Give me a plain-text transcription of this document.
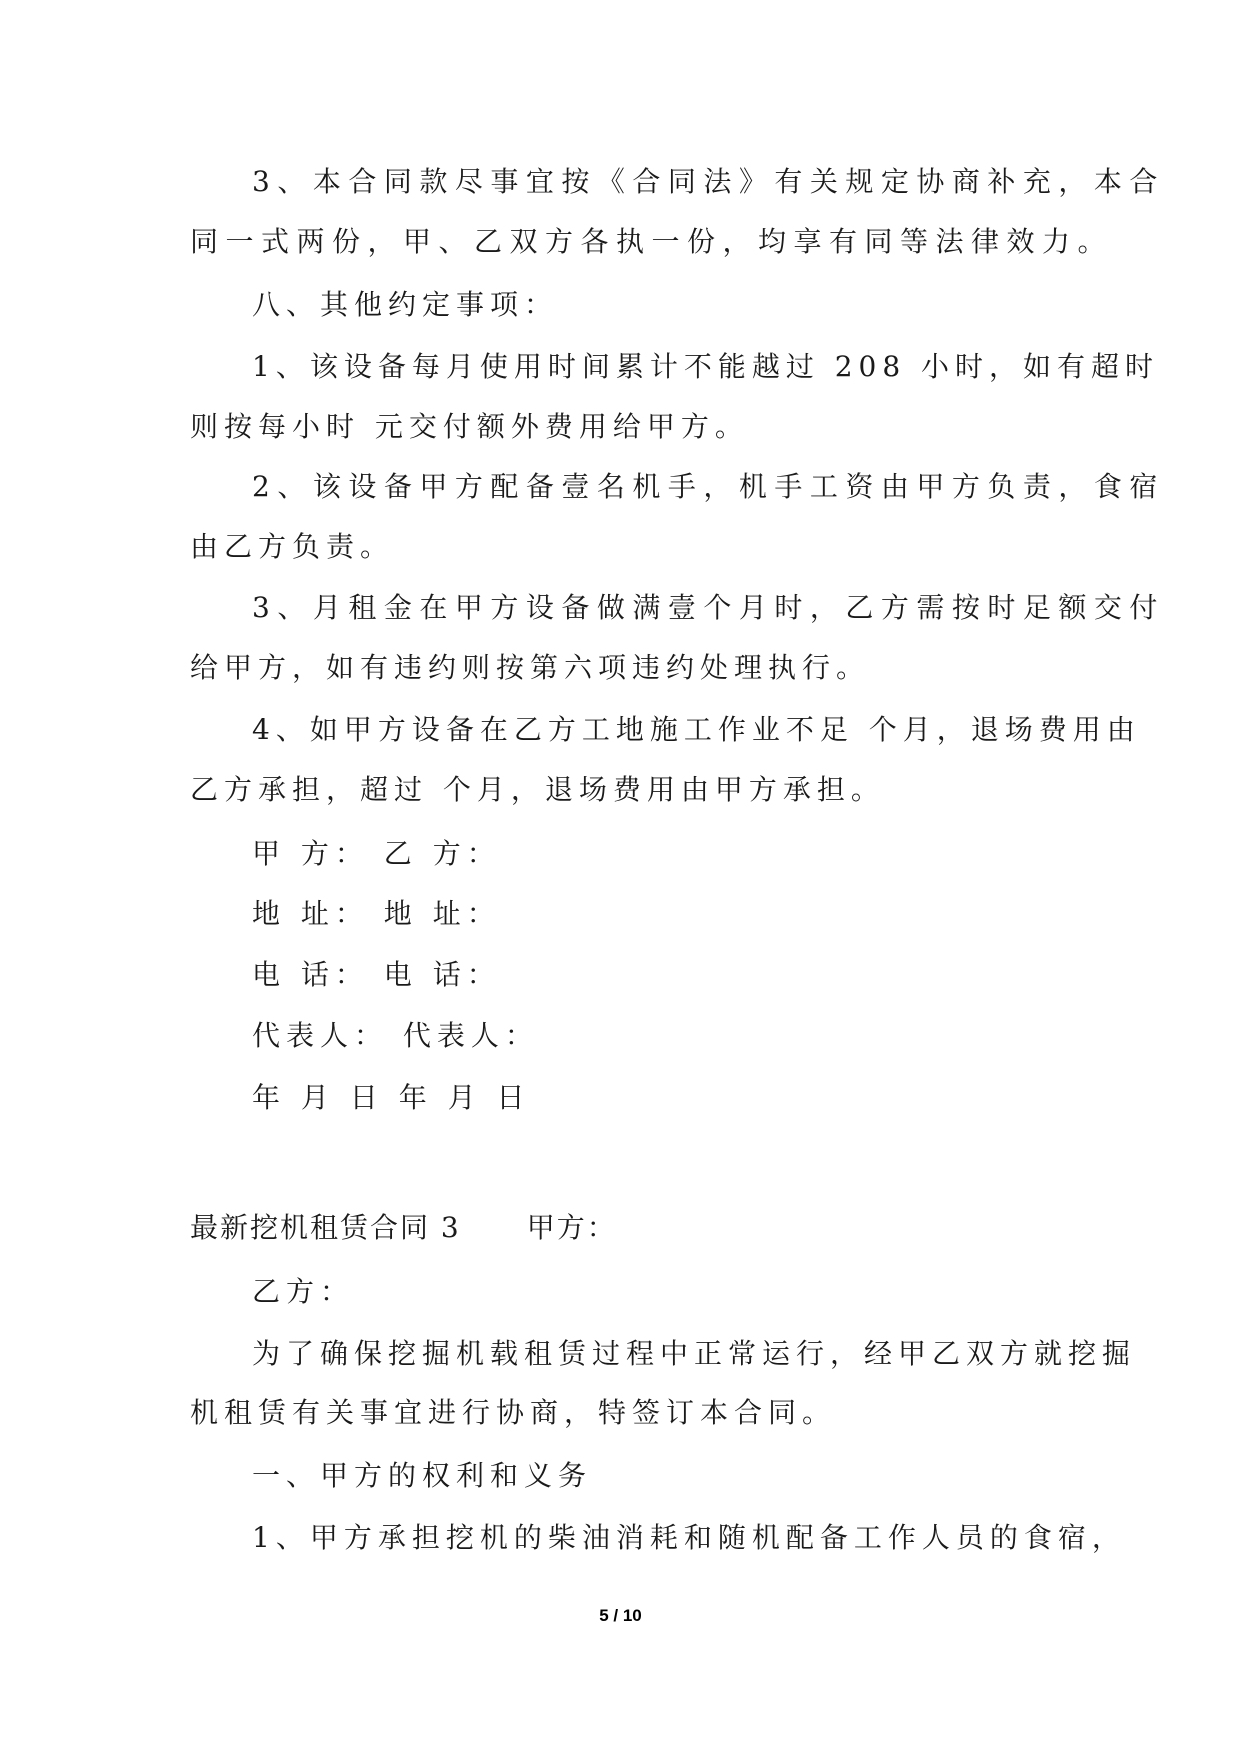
3、本合同款尽事宜按《合同法》有关规定协商补充，本合
同一式两份，甲、乙双方各执一份，均享有同等法律效力。
八、其他约定事项：
1、该设备每月使用时间累计不能越过 208 小时，如有超时
则按每小时 元交付额外费用给甲方。
2、该设备甲方配备壹名机手，机手工资由甲方负责，食宿
由乙方负责。
3、月租金在甲方设备做满壹个月时，乙方需按时足额交付
给甲方，如有违约则按第六项违约处理执行。
4、如甲方设备在乙方工地施工作业不足 个月，退场费用由
乙方承担，超过 个月，退场费用由甲方承担。
甲 方： 乙 方：
地 址： 地 址：
电 话： 电 话：
代表人： 代表人：
年 月 日 年 月 日
最新挖机租赁合同 3 甲方：
乙方：
为了确保挖掘机载租赁过程中正常运行，经甲乙双方就挖掘
机租赁有关事宜进行协商，特签订本合同。
一、甲方的权利和义务
1、甲方承担挖机的柴油消耗和随机配备工作人员的食宿，
5 / 10
